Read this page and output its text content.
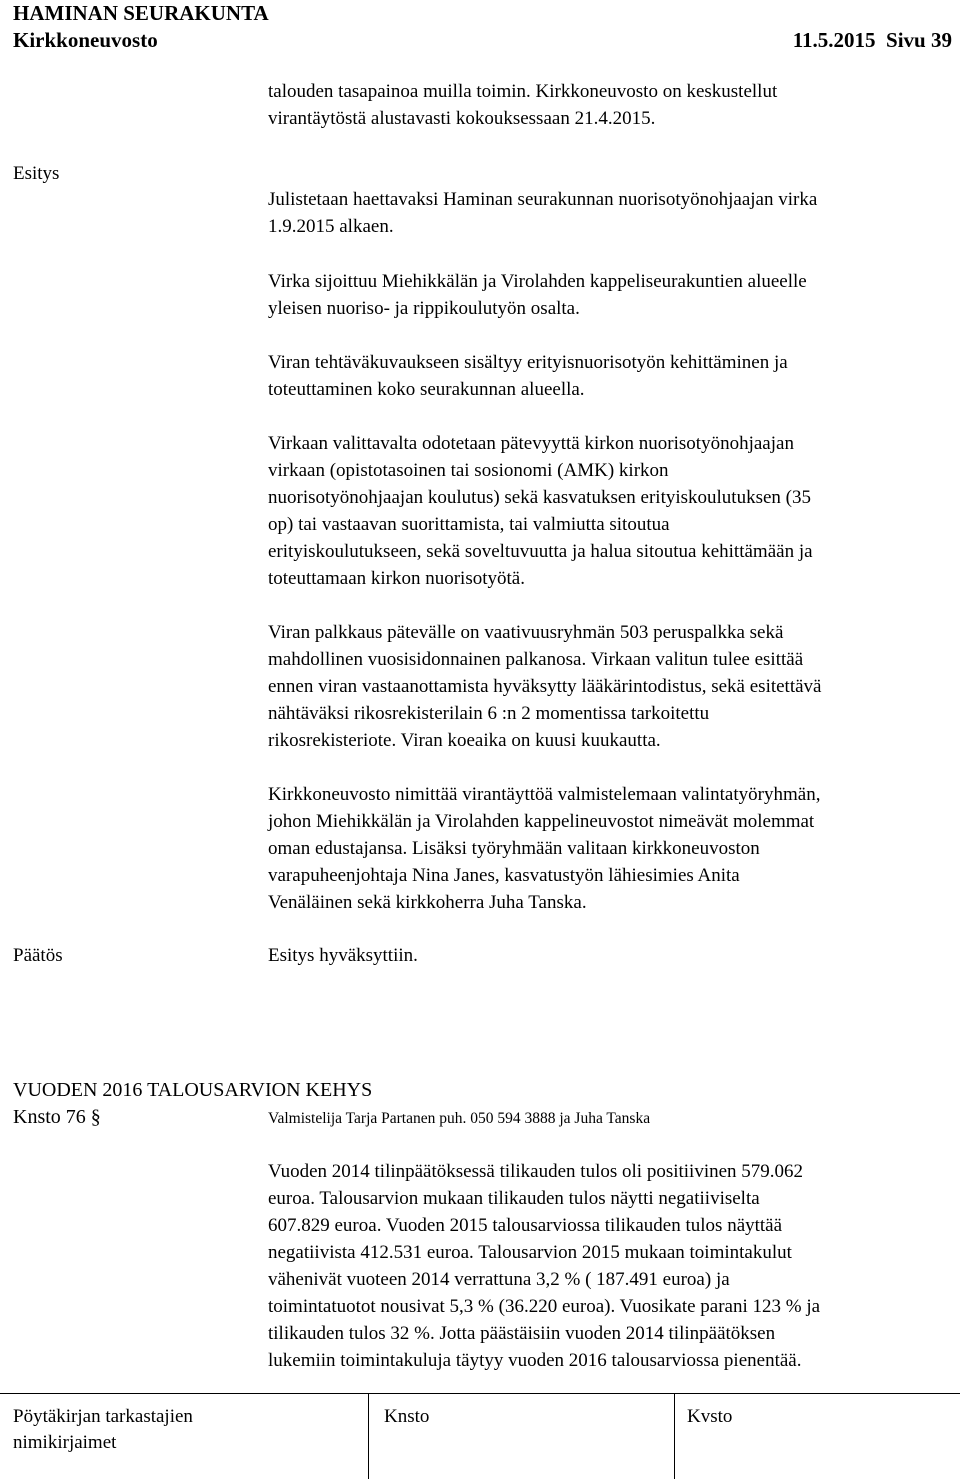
HAMINAN SEURAKUNTA
Kirkkoneuvosto	11.5.2015  Sivu 39
talouden tasapainoa muilla toimin. Kirkkoneuvosto on keskustellut
virantäytöstä alustavasti kokouksessaan 21.4.2015.
Esitys
Julistetaan haettavaksi Haminan seurakunnan nuorisotyönohjaajan virka
1.9.2015 alkaen.
Virka sijoittuu Miehikkälän ja Virolahden kappeliseurakuntien alueelle
yleisen nuoriso- ja rippikoulutyön osalta.
Viran tehtäväkuvaukseen sisältyy erityisnuorisotyön kehittäminen ja
toteuttaminen koko seurakunnan alueella.
Virkaan valittavalta odotetaan pätevyyttä kirkon nuorisotyönohjaajan
virkaan (opistotasoinen tai sosionomi (AMK) kirkon
nuorisotyönohjaajan koulutus) sekä kasvatuksen erityiskoulutuksen (35
op) tai vastaavan suorittamista, tai valmiutta sitoutua
erityiskoulutukseen, sekä soveltuvuutta ja halua sitoutua kehittämään ja
toteuttamaan kirkon nuorisotyötä.
Viran palkkaus pätevälle on vaativuusryhmän 503 peruspalkka sekä
mahdollinen vuosisidonnainen palkanosa. Virkaan valitun tulee esittää
ennen viran vastaanottamista hyväksytty lääkärintodistus, sekä esitettävä
nähtäväksi rikosrekisterilain 6 :n 2 momentissa tarkoitettu
rikosrekisteriote. Viran koeaika on kuusi kuukautta.
Kirkkoneuvosto nimittää virantäyttöä valmistelemaan valintatyöryhmän,
johon Miehikkälän ja Virolahden kappelineuvostot nimeävät molemmat
oman edustajansa. Lisäksi työryhmään valitaan kirkkoneuvoston
varapuheenjohtaja Nina Janes, kasvatustyön lähiesimies Anita
Venäläinen sekä kirkkoherra Juha Tanska.
Päätös	Esitys hyväksyttiin.
VUODEN 2016 TALOUSARVION KEHYS
Knsto 76 §	Valmistelija Tarja Partanen puh. 050 594 3888 ja Juha Tanska
Vuoden 2014 tilinpäätöksessä tilikauden tulos oli positiivinen 579.062
euroa. Talousarvion mukaan tilikauden tulos näytti negatiiviselta
607.829 euroa. Vuoden 2015 talousarviossa tilikauden tulos näyttää
negatiivista 412.531 euroa. Talousarvion 2015 mukaan toimintakulut
vähenivät vuoteen 2014 verrattuna 3,2 % ( 187.491 euroa) ja
toimintatuotot nousivat 5,3 % (36.220 euroa). Vuosikate parani 123 % ja
tilikauden tulos 32 %. Jotta päästäisiin vuoden 2014 tilinpäätöksen
lukemiin toimintakuluja täytyy vuoden 2016 talousarviossa pienentää.
Pöytäkirjan tarkastajien
nimikirjaimet
Knsto	Kvsto
